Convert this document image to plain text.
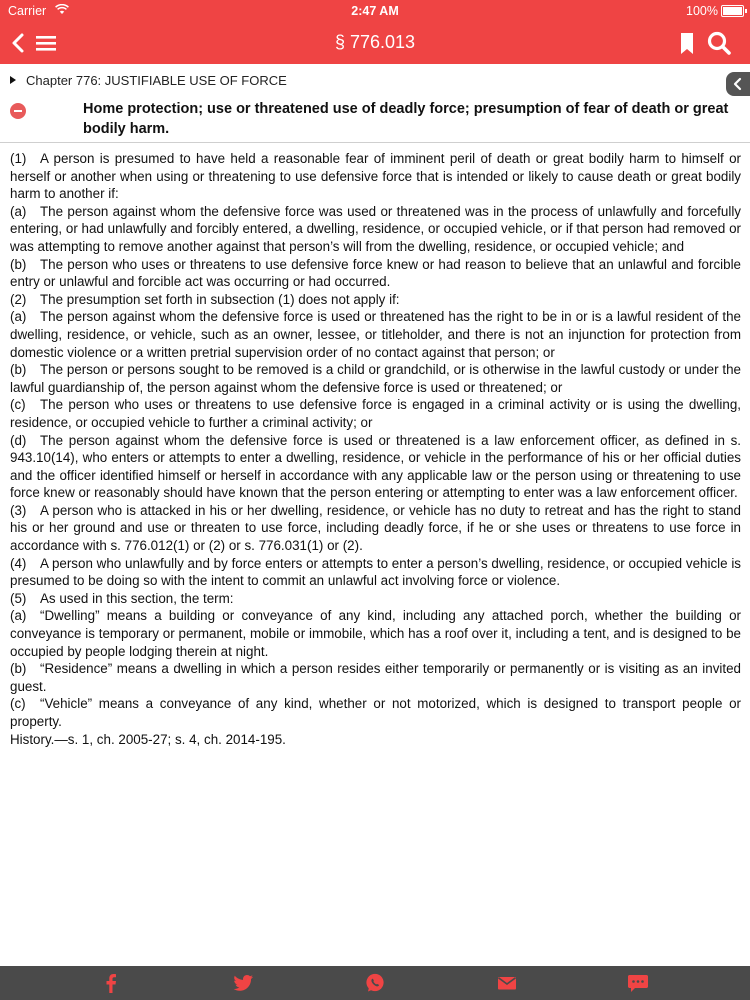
Carrier	2:47 AM	100%
§ 776.013
Chapter 776: JUSTIFIABLE USE OF FORCE
Home protection; use or threatened use of deadly force; presumption of fear of death or great bodily harm.

(1) A person is presumed to have held a reasonable fear of imminent peril of death or great bodily harm to himself or herself or another when using or threatening to use defensive force that is intended or likely to cause death or great bodily harm to another if:

(a) The person against whom the defensive force was used or threatened was in the process of unlawfully and forcefully entering, or had unlawfully and forcibly entered, a dwelling, residence, or occupied vehicle, or if that person had removed or was attempting to remove another against that person’s will from the dwelling, residence, or occupied vehicle; and

(b) The person who uses or threatens to use defensive force knew or had reason to believe that an unlawful and forcible entry or unlawful and forcible act was occurring or had occurred.

(2) The presumption set forth in subsection (1) does not apply if:

(a) The person against whom the defensive force is used or threatened has the right to be in or is a lawful resident of the dwelling, residence, or vehicle, such as an owner, lessee, or titleholder, and there is not an injunction for protection from domestic violence or a written pretrial supervision order of no contact against that person; or

(b) The person or persons sought to be removed is a child or grandchild, or is otherwise in the lawful custody or under the lawful guardianship of, the person against whom the defensive force is used or threatened; or

(c) The person who uses or threatens to use defensive force is engaged in a criminal activity or is using the dwelling, residence, or occupied vehicle to further a criminal activity; or

(d) The person against whom the defensive force is used or threatened is a law enforcement officer, as defined in s. 943.10(14), who enters or attempts to enter a dwelling, residence, or vehicle in the performance of his or her official duties and the officer identified himself or herself in accordance with any applicable law or the person using or threatening to use force knew or reasonably should have known that the person entering or attempting to enter was a law enforcement officer.

(3) A person who is attacked in his or her dwelling, residence, or vehicle has no duty to retreat and has the right to stand his or her ground and use or threaten to use force, including deadly force, if he or she uses or threatens to use force in accordance with s. 776.012(1) or (2) or s. 776.031(1) or (2).

(4) A person who unlawfully and by force enters or attempts to enter a person’s dwelling, residence, or occupied vehicle is presumed to be doing so with the intent to commit an unlawful act involving force or violence.

(5) As used in this section, the term:

(a) “Dwelling” means a building or conveyance of any kind, including any attached porch, whether the building or conveyance is temporary or permanent, mobile or immobile, which has a roof over it, including a tent, and is designed to be occupied by people lodging therein at night.

(b) “Residence” means a dwelling in which a person resides either temporarily or permanently or is visiting as an invited guest.

(c) “Vehicle” means a conveyance of any kind, whether or not motorized, which is designed to transport people or property.

History.—s. 1, ch. 2005-27; s. 4, ch. 2014-195.
